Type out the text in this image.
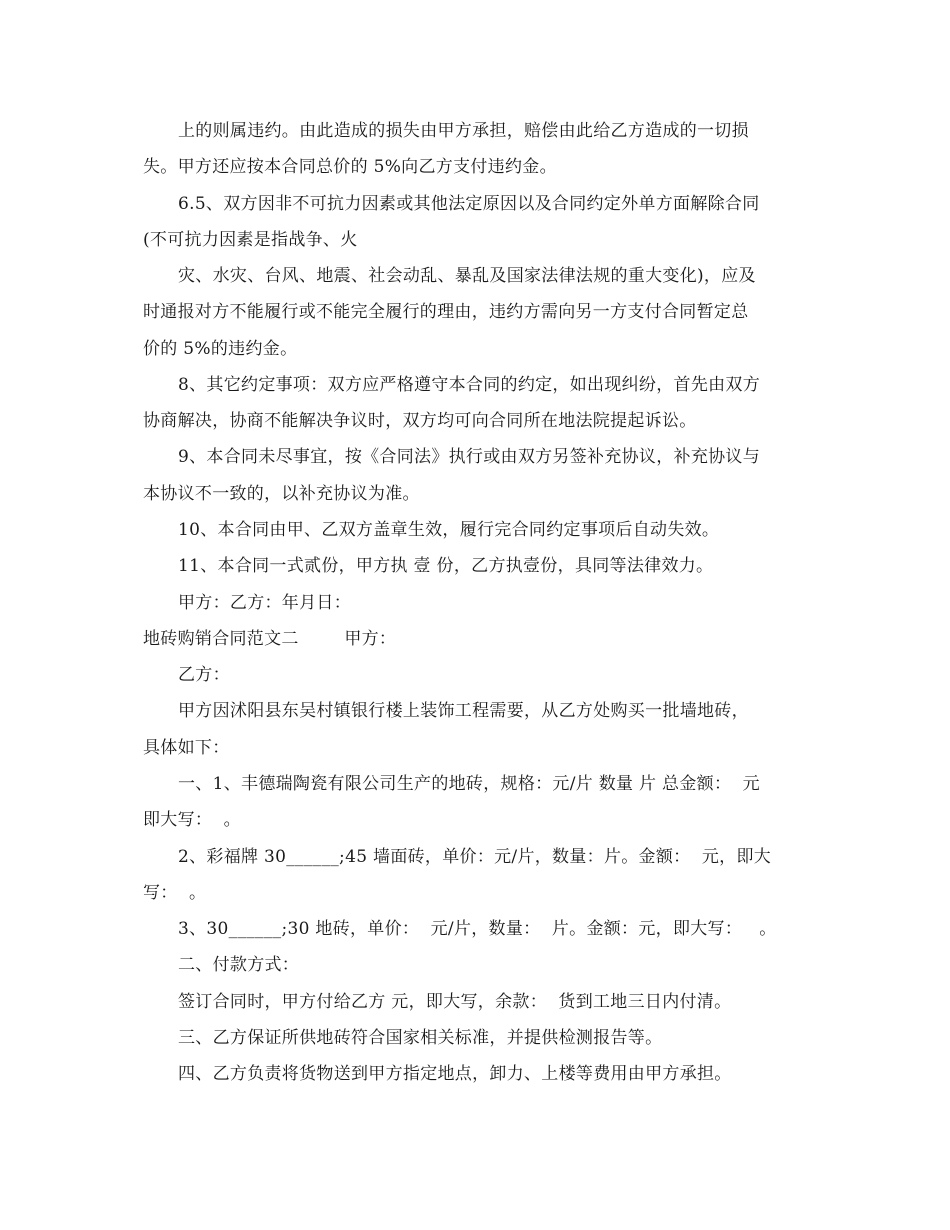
上的则属违约。由此造成的损失由甲方承担，赔偿由此给乙方造成的一切损
失。甲方还应按本合同总价的 5%向乙方支付违约金。
6.5、双方因非不可抗力因素或其他法定原因以及合同约定外单方面解除合同
(不可抗力因素是指战争、火
灾、水灾、台风、地震、社会动乱、暴乱及国家法律法规的重大变化)，应及
时通报对方不能履行或不能完全履行的理由，违约方需向另一方支付合同暂定总
价的 5%的违约金。
8、其它约定事项：双方应严格遵守本合同的约定，如出现纠纷，首先由双方
协商解决，协商不能解决争议时，双方均可向合同所在地法院提起诉讼。
9、本合同未尽事宜，按《合同法》执行或由双方另签补充协议，补充协议与
本协议不一致的，以补充协议为准。
10、本合同由甲、乙双方盖章生效，履行完合同约定事项后自动失效。
11、本合同一式贰份，甲方执 壹 份，乙方执壹份，具同等法律效力。
甲方：乙方：年月日：
地砖购销合同范文二        甲方：
乙方：
甲方因沭阳县东吴村镇银行楼上装饰工程需要，从乙方处购买一批墙地砖，
具体如下：
一、1、丰德瑞陶瓷有限公司生产的地砖，规格：元/片 数量 片 总金额：  元
即大写：  。
2、彩福牌 30______;45 墙面砖，单价：元/片，数量：片。金额：  元，即大
写：  。
3、30______;30 地砖，单价：  元/片，数量：  片。金额：元，即大写：   。
二、付款方式：
签订合同时，甲方付给乙方 元，即大写，余款：  货到工地三日内付清。
三、乙方保证所供地砖符合国家相关标准，并提供检测报告等。
四、乙方负责将货物送到甲方指定地点，卸力、上楼等费用由甲方承担。
